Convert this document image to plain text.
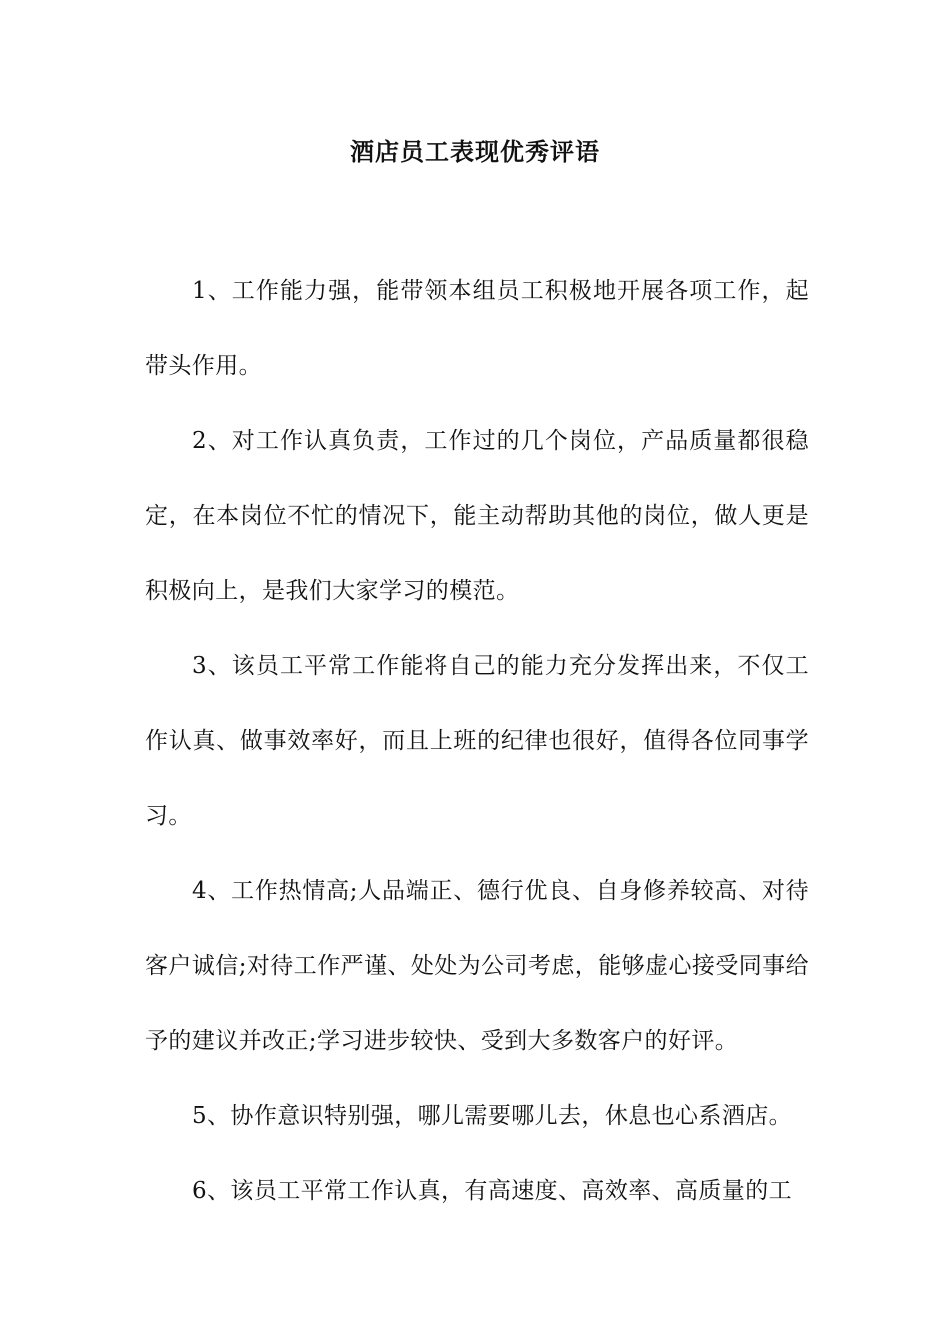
酒店员工表现优秀评语

1、工作能力强，能带领本组员工积极地开展各项工作，起带头作用。

2、对工作认真负责，工作过的几个岗位，产品质量都很稳定，在本岗位不忙的情况下，能主动帮助其他的岗位，做人更是积极向上，是我们大家学习的模范。

3、该员工平常工作能将自己的能力充分发挥出来，不仅工作认真、做事效率好，而且上班的纪律也很好，值得各位同事学习。

4、工作热情高;人品端正、德行优良、自身修养较高、对待客户诚信;对待工作严谨、处处为公司考虑，能够虚心接受同事给予的建议并改正;学习进步较快、受到大多数客户的好评。

5、协作意识特别强，哪儿需要哪儿去，休息也心系酒店。

6、该员工平常工作认真，有高速度、高效率、高质量的工
